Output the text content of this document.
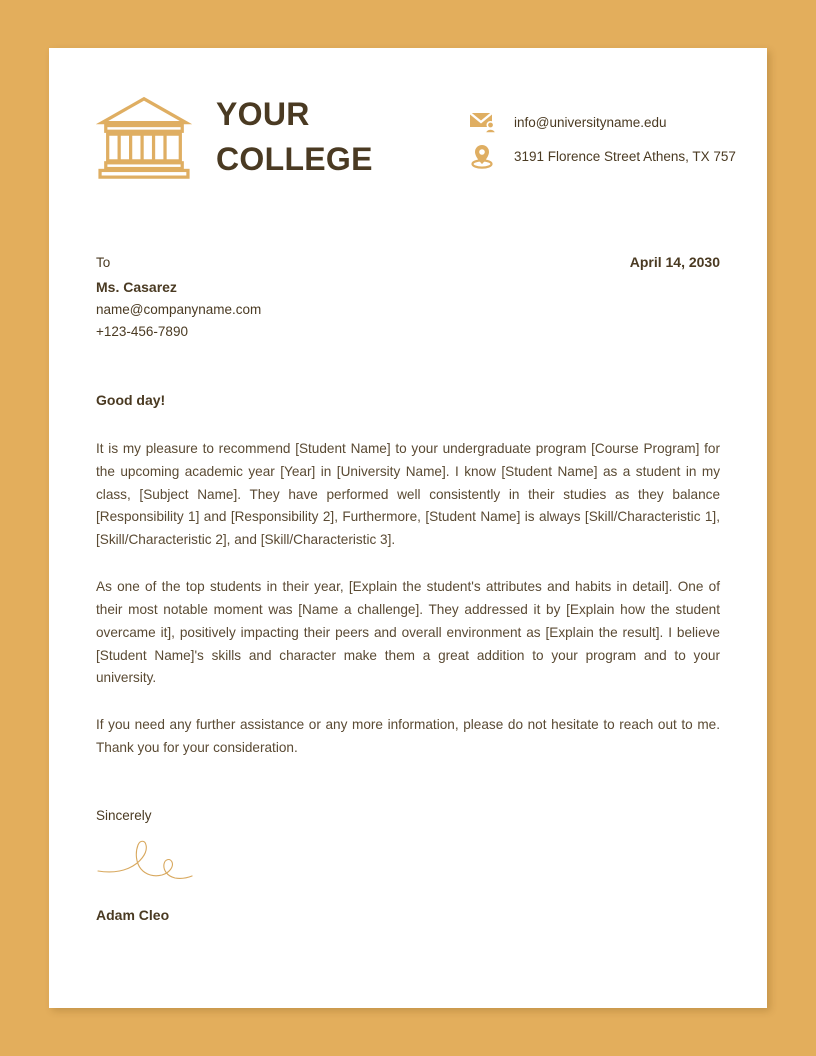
YOUR
COLLEGE
info@universityname.edu
3191 Florence Street Athens, TX 757
To
Ms. Casarez
name@companyname.com
+123-456-7890
April 14, 2030
Good day!

It is my pleasure to recommend [Student Name] to your undergraduate program [Course Program] for the upcoming academic year [Year] in [University Name]. I know [Student Name] as a student in my class, [Subject Name]. They have performed well consistently in their studies as they balance [Responsibility 1] and [Responsibility 2], Furthermore, [Student Name] is always [Skill/Characteristic 1], [Skill/Characteristic 2], and [Skill/Characteristic 3].

As one of the top students in their year, [Explain the student's attributes and habits in detail]. One of their most notable moment was [Name a challenge]. They addressed it by [Explain how the student overcame it], positively impacting their peers and overall environment as [Explain the result]. I believe [Student Name]'s skills and character make them a great addition to your program and to your university.

If you need any further assistance or any more information, please do not hesitate to reach out to me. Thank you for your consideration.

Sincerely
Adam Cleo
